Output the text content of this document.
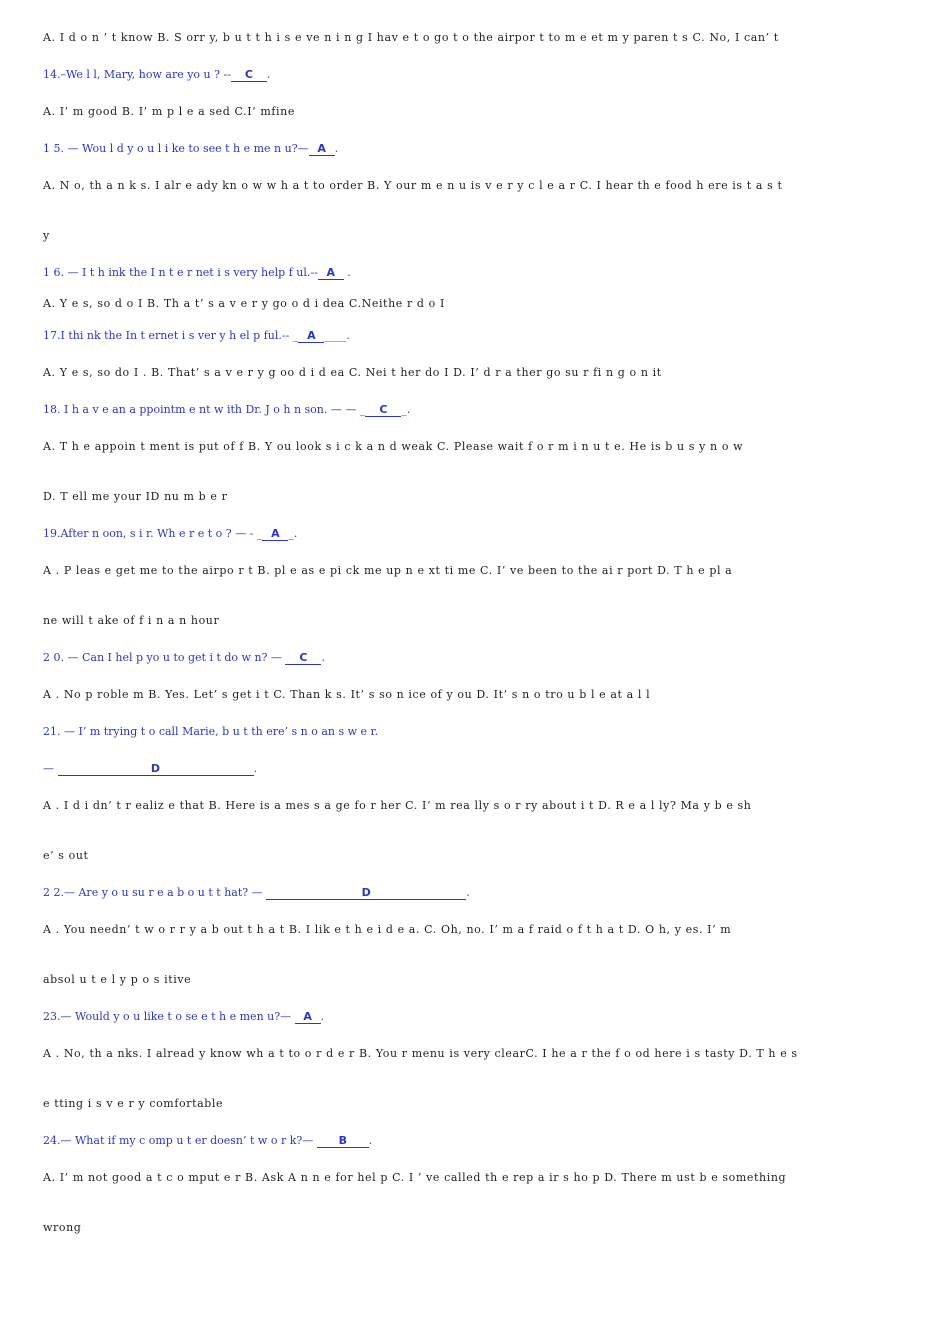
A. I d o n ’ t know B. S orr y, b u t t h i s e ve n i n g I hav e t o go t o the airpor t to m e et m y paren t s C. No, I can’ t
14.–We l l, Mary, how are yo u ? -- C .
A. I’ m good B. I’ m p l e a sed C.I’ mfine
1 5. — Wou l d y o u l i ke to see t h e me n u?— A .
A. N o, th a n k s. I alr e ady kn o w w h a t to order B. Y our m e n u is v e r y c l e a r C. I hear th e food h ere is t a s t
y
1 6. — I t h ink the I n t e r net i s very help f ul.-- A .
A. Y e s, so d o I B. Th a t’ s a v e r y go o d i dea C.Neithe r d o I
17.I thi nk the In t ernet i s ver y h el p ful.-- _ A ____.
A. Y e s, so do I . B. That’ s a v e r y g oo d i d ea C. Nei t her do I D. I’ d r a ther go su r fi n g o n it
18. I h a v e an a ppointm e nt w ith Dr. J o h n son. — — _ C _.
A. T h e appoin t ment is put of f B. Y ou look s i c k a n d weak C. Please wait f o r m i n u t e. He is b u s y n o w
D. T ell me your ID nu m b e r
19.After n oon, s i r. Wh e r e t o ? — - _ A _.
A . P leas e get me to the airpo r t B. pl e as e pi ck me up n e xt ti me C. I’ ve been to the ai r port D. T h e pl a
ne will t ake of f i n a n hour
2 0. — Can I hel p yo u to get i t do w n? — C .
A . No p roble m B. Yes. Let’ s get i t C. Than k s. It’ s so n ice of y ou D. It’ s n o tro u b l e at a l l
21. — I’ m trying t o call Marie, b u t th ere’ s n o an s w e r.
—	D	.
A . I d i dn’ t r ealiz e that B. Here is a mes s a ge fo r her C. I’ m rea lly s o r ry about i t D. R e a l ly? Ma y b e sh
e’ s out
2 2.— Are y o u su r e a b o u t t hat? —	D	.
A . You needn’ t w o r r y a b out t h a t B. I lik e t h e i d e a. C. Oh, no. I’ m a f raid o f t h a t D. O h, y es. I’ m
absol u t e l y p o s itive
23.— Would y o u like t o se e t h e men u?— A .
A . No, th a nks. I alread y know wh a t to o r d e r B. You r menu is very clearC. I he a r the f o od here i s tasty D. T h e s
e tting i s v e r y comfortable
24.— What if my c omp u t er doesn’ t w o r k?— B .
A. I’ m not good a t c o mput e r B. Ask A n n e for hel p C. I ’ ve called th e rep a ir s ho p D. There m ust b e something
wrong
